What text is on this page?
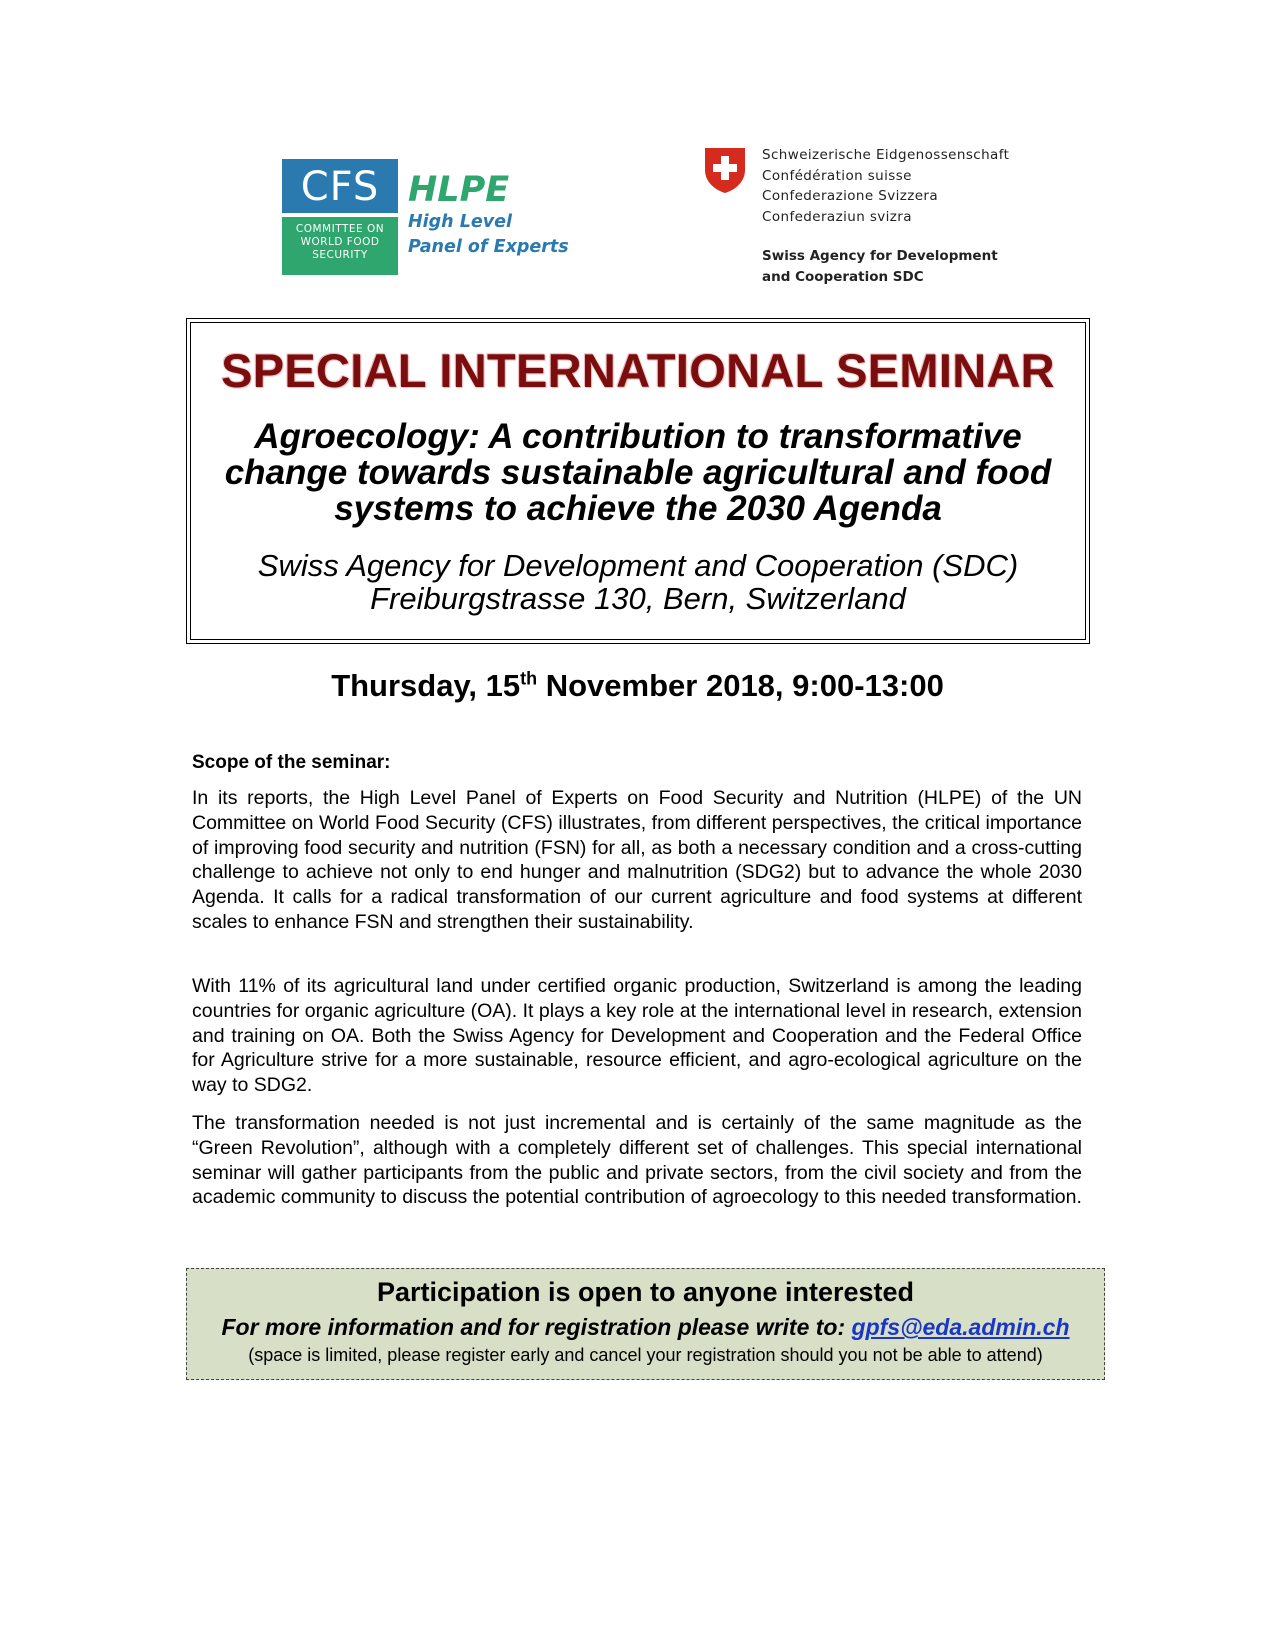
CFS
COMMITTEE ON
WORLD FOOD
SECURITY
HLPE
High Level
Panel of Experts
Schweizerische Eidgenossenschaft
Confédération suisse
Confederazione Svizzera
Confederaziun svizra
Swiss Agency for Development
and Cooperation SDC
SPECIAL INTERNATIONAL SEMINAR
Agroecology: A contribution to transformative
change towards sustainable agricultural and food
systems to achieve the 2030 Agenda
Swiss Agency for Development and Cooperation (SDC)
Freiburgstrasse 130, Bern, Switzerland
Thursday, 15th November 2018, 9:00-13:00
Scope of the seminar:

In its reports, the High Level Panel of Experts on Food Security and Nutrition (HLPE) of the UN Committee on World Food Security (CFS) illustrates, from different perspectives, the critical importance of improving food security and nutrition (FSN) for all, as both a necessary condition and a cross-cutting challenge to achieve not only to end hunger and malnutrition (SDG2) but to advance the whole 2030 Agenda. It calls for a radical transformation of our current agriculture and food systems at different scales to enhance FSN and strengthen their sustainability.

With 11% of its agricultural land under certified organic production, Switzerland is among the leading countries for organic agriculture (OA). It plays a key role at the international level in research, extension and training on OA. Both the Swiss Agency for Development and Cooperation and the Federal Office for Agriculture strive for a more sustainable, resource efficient, and agro-ecological agriculture on the way to SDG2.

The transformation needed is not just incremental and is certainly of the same magnitude as the “Green Revolution”, although with a completely different set of challenges. This special international seminar will gather participants from the public and private sectors, from the civil society and from the academic community to discuss the potential contribution of agroecology to this needed transformation.

Participation is open to anyone interested
For more information and for registration please write to: gpfs@eda.admin.ch
(space is limited, please register early and cancel your registration should you not be able to attend)
